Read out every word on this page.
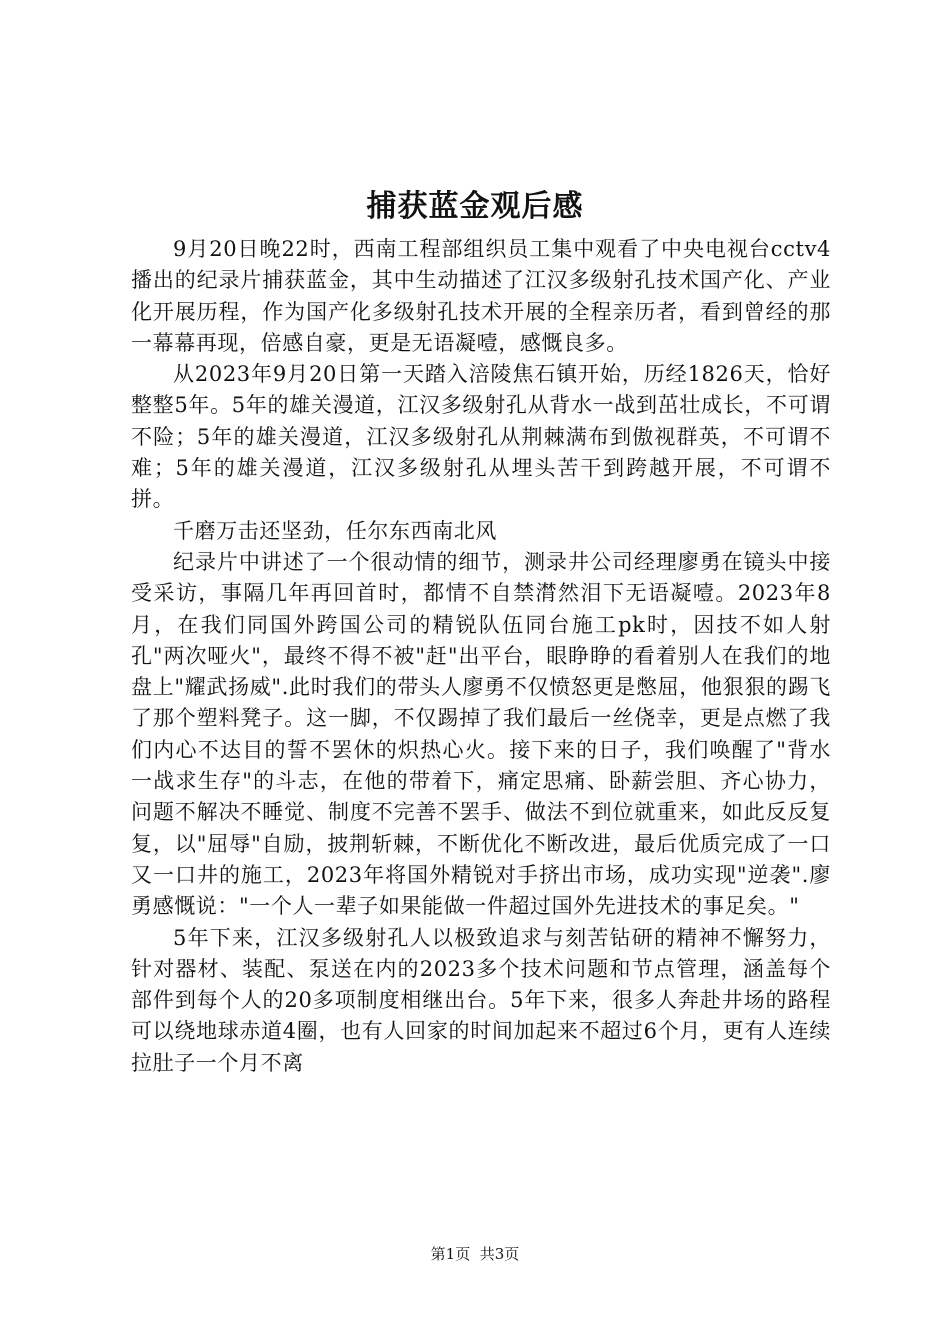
捕获蓝金观后感

9月20日晚22时，西南工程部组织员工集中观看了中央电视台cctv4播出的纪录片捕获蓝金，其中生动描述了江汉多级射孔技术国产化、产业化开展历程，作为国产化多级射孔技术开展的全程亲历者，看到曾经的那一幕幕再现，倍感自豪，更是无语凝噎，感慨良多。

从2023年9月20日第一天踏入涪陵焦石镇开始，历经1826天，恰好整整5年。5年的雄关漫道，江汉多级射孔从背水一战到茁壮成长，不可谓不险；5年的雄关漫道，江汉多级射孔从荆棘满布到傲视群英，不可谓不难；5年的雄关漫道，江汉多级射孔从埋头苦干到跨越开展，不可谓不拼。

千磨万击还坚劲，任尔东西南北风

纪录片中讲述了一个很动情的细节，测录井公司经理廖勇在镜头中接受采访，事隔几年再回首时，都情不自禁潸然泪下无语凝噎。2023年8月，在我们同国外跨国公司的精锐队伍同台施工pk时，因技不如人射孔"两次哑火"，最终不得不被"赶"出平台，眼睁睁的看着别人在我们的地盘上"耀武扬威".此时我们的带头人廖勇不仅愤怒更是憋屈，他狠狠的踢飞了那个塑料凳子。这一脚，不仅踢掉了我们最后一丝侥幸，更是点燃了我们内心不达目的誓不罢休的炽热心火。接下来的日子，我们唤醒了"背水一战求生存"的斗志，在他的带着下，痛定思痛、卧薪尝胆、齐心协力，问题不解决不睡觉、制度不完善不罢手、做法不到位就重来，如此反反复复，以"屈辱"自励，披荆斩棘，不断优化不断改进，最后优质完成了一口又一口井的施工，2023年将国外精锐对手挤出市场，成功实现"逆袭".廖勇感慨说："一个人一辈子如果能做一件超过国外先进技术的事足矣。"

5年下来，江汉多级射孔人以极致追求与刻苦钻研的精神不懈努力，针对器材、装配、泵送在内的2023多个技术问题和节点管理，涵盖每个部件到每个人的20多项制度相继出台。5年下来，很多人奔赴井场的路程可以绕地球赤道4圈，也有人回家的时间加起来不超过6个月，更有人连续拉肚子一个月不离

第1页 共3页
